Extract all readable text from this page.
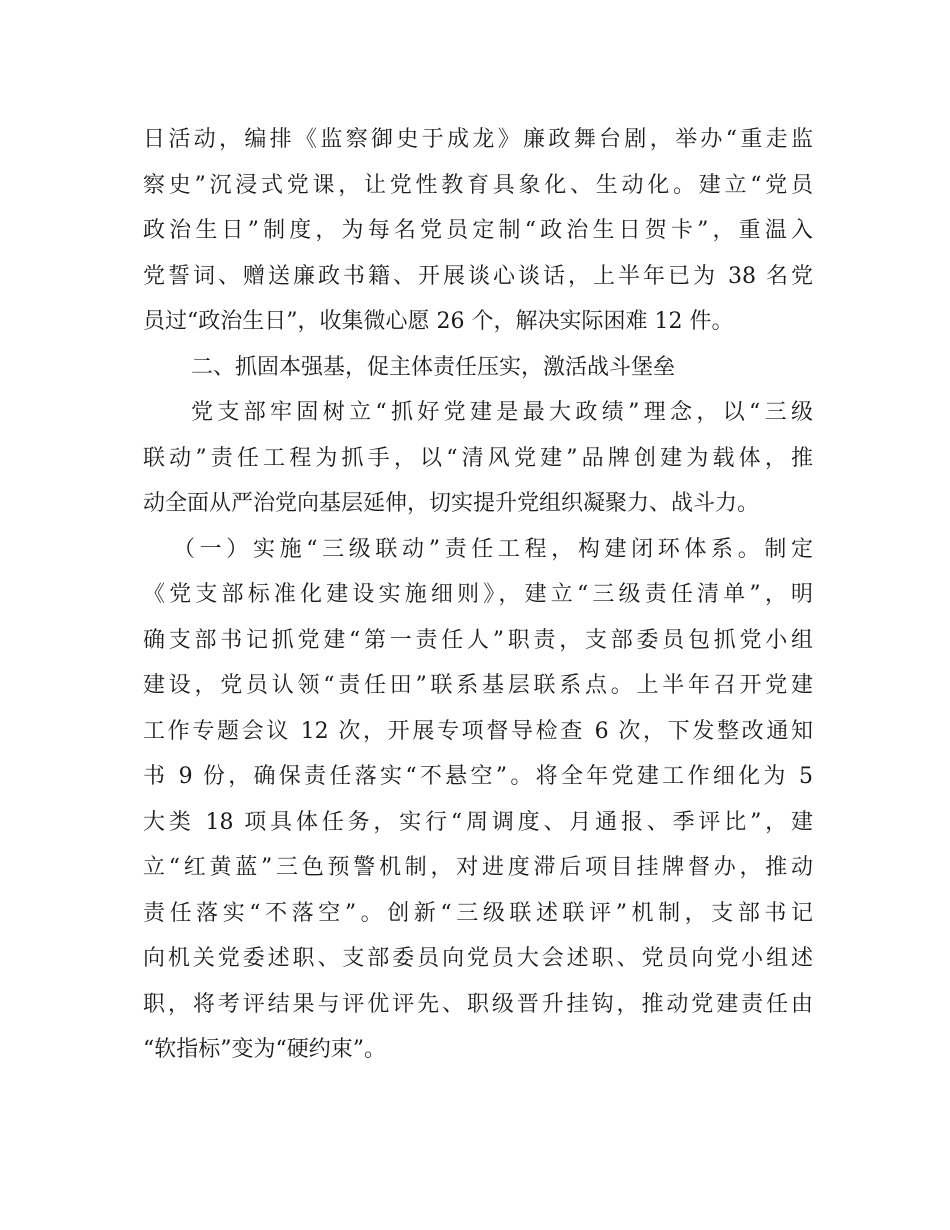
日活动，编排《监察御史于成龙》廉政舞台剧，举办“重走监
察史”沉浸式党课，让党性教育具象化、生动化。建立“党员
政治生日”制度，为每名党员定制“政治生日贺卡”，重温入
党誓词、赠送廉政书籍、开展谈心谈话，上半年已为 38 名党
员过“政治生日”，收集微心愿 26 个，解决实际困难 12 件。
二、抓固本强基，促主体责任压实，激活战斗堡垒
党支部牢固树立“抓好党建是最大政绩”理念，以“三级
联动”责任工程为抓手，以“清风党建”品牌创建为载体，推
动全面从严治党向基层延伸，切实提升党组织凝聚力、战斗力。
（一）实施“三级联动”责任工程，构建闭环体系。制定
《党支部标准化建设实施细则》，建立“三级责任清单”，明
确支部书记抓党建“第一责任人”职责，支部委员包抓党小组
建设，党员认领“责任田”联系基层联系点。上半年召开党建
工作专题会议 12 次，开展专项督导检查 6 次，下发整改通知
书 9 份，确保责任落实“不悬空”。将全年党建工作细化为 5
大类 18 项具体任务，实行“周调度、月通报、季评比”，建
立“红黄蓝”三色预警机制，对进度滞后项目挂牌督办，推动
责任落实“不落空”。创新“三级联述联评”机制，支部书记
向机关党委述职、支部委员向党员大会述职、党员向党小组述
职，将考评结果与评优评先、职级晋升挂钩，推动党建责任由
“软指标”变为“硬约束”。
